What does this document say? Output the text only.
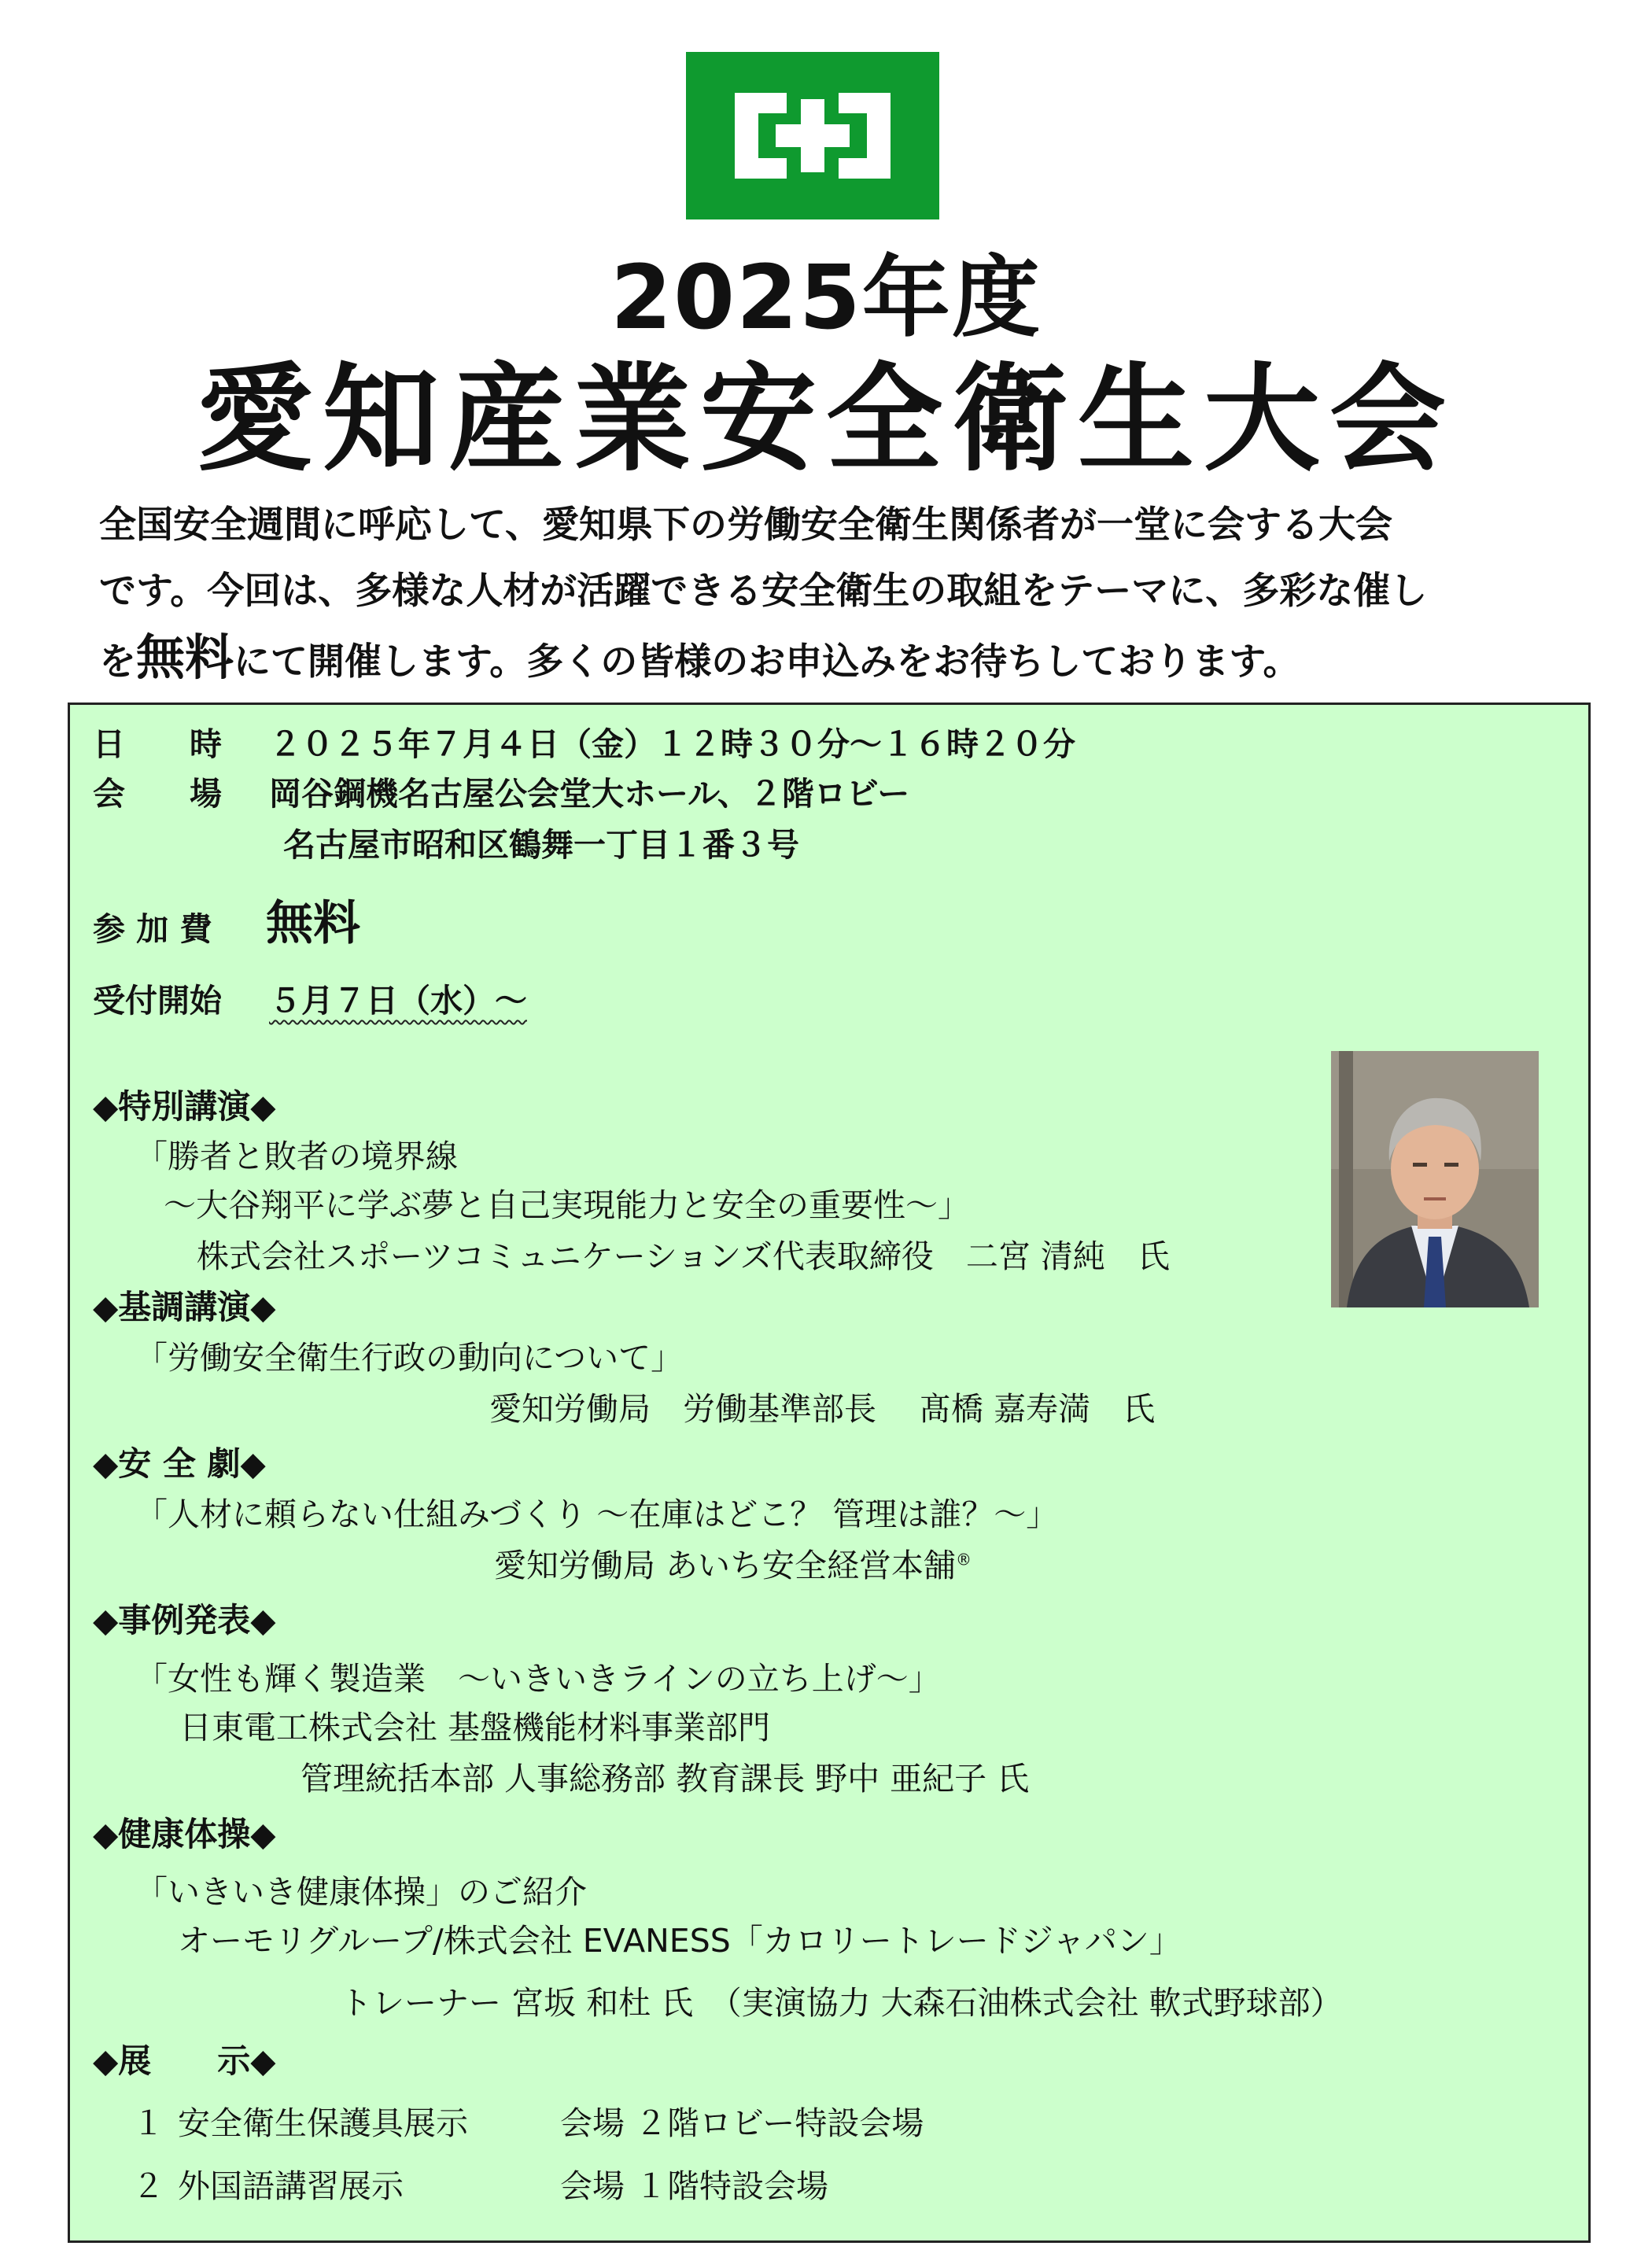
2025年度
愛知産業安全衛生大会
全国安全週間に呼応して、愛知県下の労働安全衛生関係者が一堂に会する大会
です。今回は、多様な人材が活躍できる安全衛生の取組をテーマに、多彩な催し
を無料にて開催します。多くの皆様のお申込みをお待ちしております。
日　　時 ２０２５年７月４日（金）１２時３０分～１６時２０分
会　　場 岡谷鋼機名古屋公会堂大ホール、２階ロビー
名古屋市昭和区鶴舞一丁目１番３号
参 加 費 無料
受付開始 ５月７日（水）～
◆特別講演◆
「勝者と敗者の境界線
～大谷翔平に学ぶ夢と自己実現能力と安全の重要性～」
株式会社スポーツコミュニケーションズ代表取締役　二宮 清純　氏
◆基調講演◆
「労働安全衛生行政の動向について」
愛知労働局　労働基準部長　 髙橋 嘉寿満　氏
◆安 全 劇◆
「人材に頼らない仕組みづくり ～在庫はどこ？ 管理は誰？～」
愛知労働局 あいち安全経営本舗®
◆事例発表◆
「女性も輝く製造業　～いきいきラインの立ち上げ～」
日東電工株式会社 基盤機能材料事業部門
管理統括本部 人事総務部 教育課長 野中 亜紀子 氏
◆健康体操◆
「いきいき健康体操」のご紹介
オーモリグループ/株式会社 EVANESS「カロリートレードジャパン」
トレーナー 宮坂 和杜 氏　（実演協力 大森石油株式会社 軟式野球部）
◆展　　示◆
１ 安全衛生保護具展示	会場 ２階ロビー特設会場
２ 外国語講習展示	会場 １階特設会場
